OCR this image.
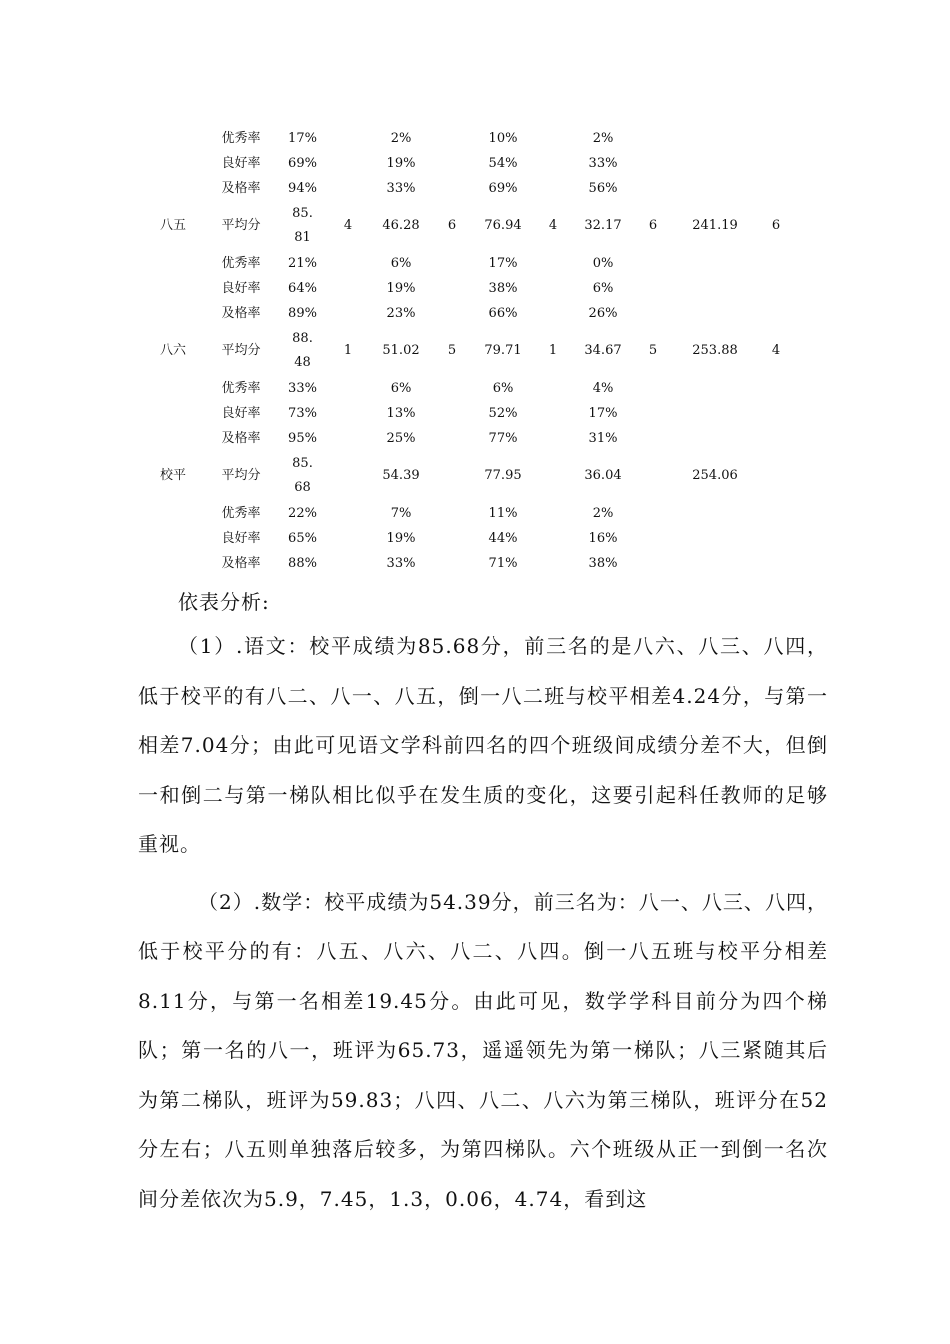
	优秀率	17%		2%		10%		2%			
	良好率	69%		19%		54%		33%			
	及格率	94%		33%		69%		56%			
八五	平均分	85.81	4	46.28	6	76.94	4	32.17	6	241.19	6
	优秀率	21%		6%		17%		0%			
	良好率	64%		19%		38%		6%			
	及格率	89%		23%		66%		26%			
八六	平均分	88.48	1	51.02	5	79.71	1	34.67	5	253.88	4
	优秀率	33%		6%		6%		4%			
	良好率	73%		13%		52%		17%			
	及格率	95%		25%		77%		31%			
校平	平均分	85.68		54.39		77.95		36.04		254.06	
	优秀率	22%		7%		11%		2%			
	良好率	65%		19%		44%		16%			
	及格率	88%		33%		71%		38%			

依表分析:

（1）.语文：校平成绩为85.68分，前三名的是八六、八三、八四，低于校平的有八二、八一、八五，倒一八二班与校平相差4.24分，与第一相差7.04分；由此可见语文学科前四名的四个班级间成绩分差不大，但倒一和倒二与第一梯队相比似乎在发生质的变化，这要引起科任教师的足够重视。

（2）.数学：校平成绩为54.39分，前三名为：八一、八三、八四，低于校平分的有：八五、八六、八二、八四。倒一八五班与校平分相差8.11分，与第一名相差19.45分。由此可见，数学学科目前分为四个梯队；第一名的八一，班评为65.73，遥遥领先为第一梯队；八三紧随其后为第二梯队，班评为59.83；八四、八二、八六为第三梯队，班评分在52分左右；八五则单独落后较多，为第四梯队。六个班级从正一到倒一名次间分差依次为5.9，7.45，1.3，0.06，4.74，看到这
